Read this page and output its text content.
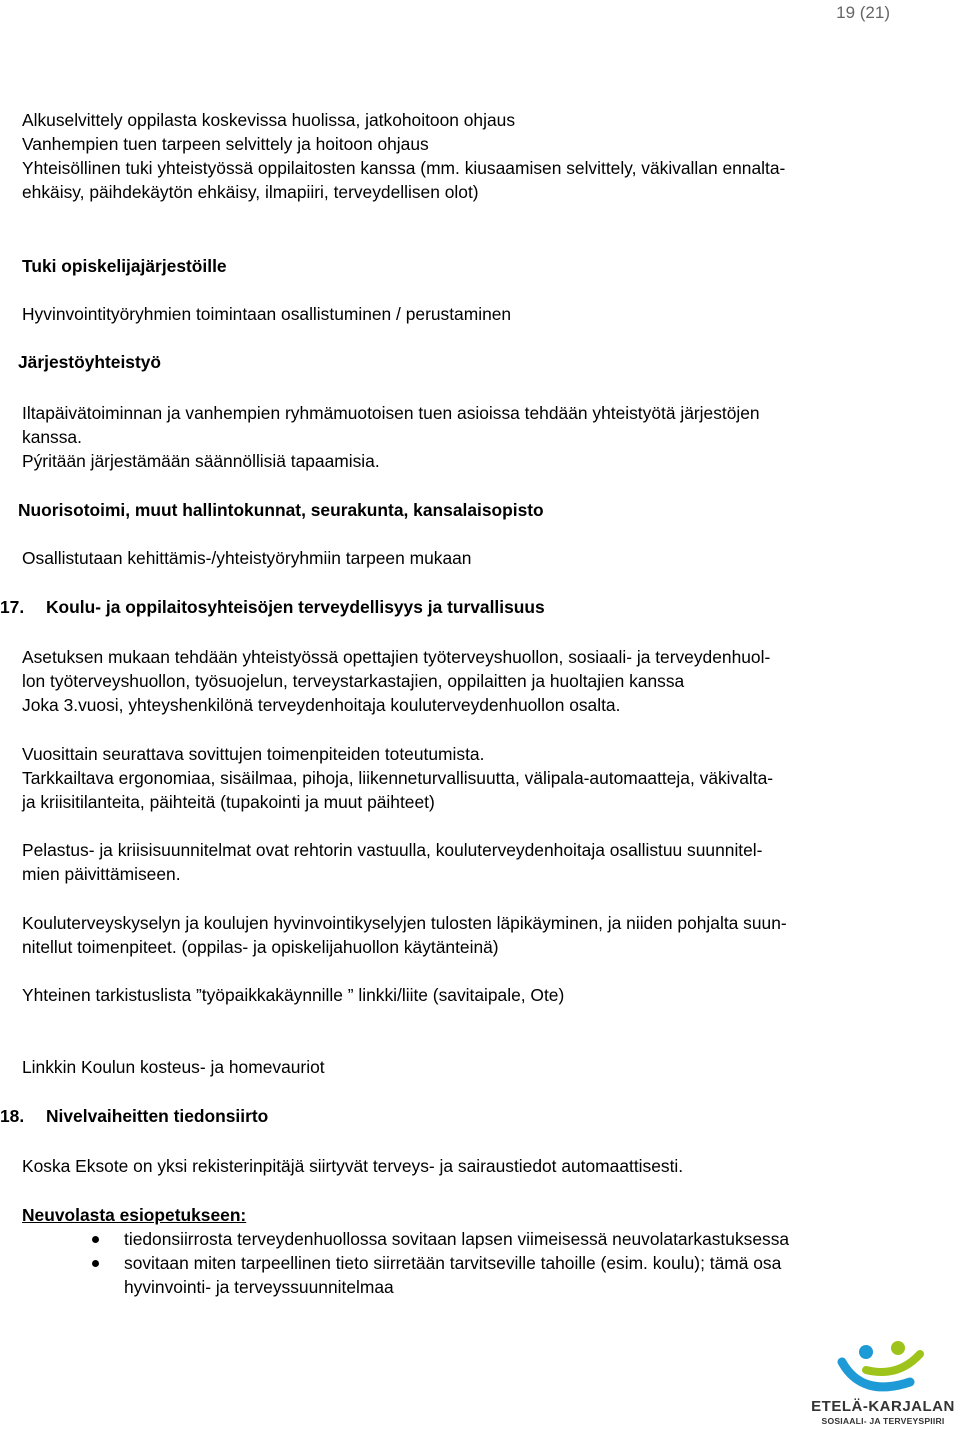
19 (21)
Alkuselvittely oppilasta koskevissa huolissa, jatkohoitoon ohjaus
Vanhempien tuen tarpeen selvittely ja hoitoon ohjaus
Yhteisöllinen tuki yhteistyössä oppilaitosten kanssa (mm. kiusaamisen selvittely, väkivallan ennalta-
ehkäisy, päihdekäytön ehkäisy, ilmapiiri, terveydellisen olot)
Tuki opiskelijajärjestöille
Hyvinvointityöryhmien toimintaan osallistuminen / perustaminen
Järjestöyhteistyö
Iltapäivätoiminnan ja vanhempien ryhmämuotoisen tuen asioissa tehdään yhteistyötä järjestöjen
kanssa.
Pýritään järjestämään säännöllisiä tapaamisia.
Nuorisotoimi, muut hallintokunnat, seurakunta, kansalaisopisto
Osallistutaan kehittämis-/yhteistyöryhmiin tarpeen mukaan
17. Koulu- ja oppilaitosyhteisöjen terveydellisyys ja turvallisuus
Asetuksen mukaan tehdään yhteistyössä opettajien työterveyshuollon, sosiaali- ja terveydenhuol-
lon työterveyshuollon, työsuojelun, terveystarkastajien, oppilaitten ja huoltajien kanssa
Joka 3.vuosi, yhteyshenkilönä terveydenhoitaja kouluterveydenhuollon osalta.
Vuosittain seurattava sovittujen toimenpiteiden toteutumista.
Tarkkailtava ergonomiaa, sisäilmaa, pihoja, liikenneturvallisuutta, välipala-automaatteja, väkivalta-
ja kriisitilanteita, päihteitä (tupakointi ja muut päihteet)
Pelastus- ja kriisisuunnitelmat ovat rehtorin vastuulla, kouluterveydenhoitaja osallistuu suunnitel-
mien päivittämiseen.
Kouluterveyskyselyn ja koulujen hyvinvointikyselyjen tulosten läpikäyminen, ja niiden pohjalta suun-
nitellut toimenpiteet. (oppilas- ja opiskelijahuollon käytänteinä)
Yhteinen tarkistuslista ”työpaikkakäynnille ” linkki/liite (savitaipale, Ote)
Linkkin Koulun kosteus- ja homevauriot
18. Nivelvaiheitten tiedonsiirto
Koska Eksote on yksi rekisterinpitäjä siirtyvät terveys- ja sairaustiedot automaattisesti.
Neuvolasta esiopetukseen:
tiedonsiirrosta terveydenhuollossa sovitaan lapsen viimeisessä neuvolatarkastuksessa
sovitaan miten tarpeellinen tieto siirretään tarvitseville tahoille (esim. koulu); tämä osa
hyvinvointi- ja terveyssuunnitelmaa
ETELÄ-KARJALAN
SOSIAALI- JA TERVEYSPIIRI
